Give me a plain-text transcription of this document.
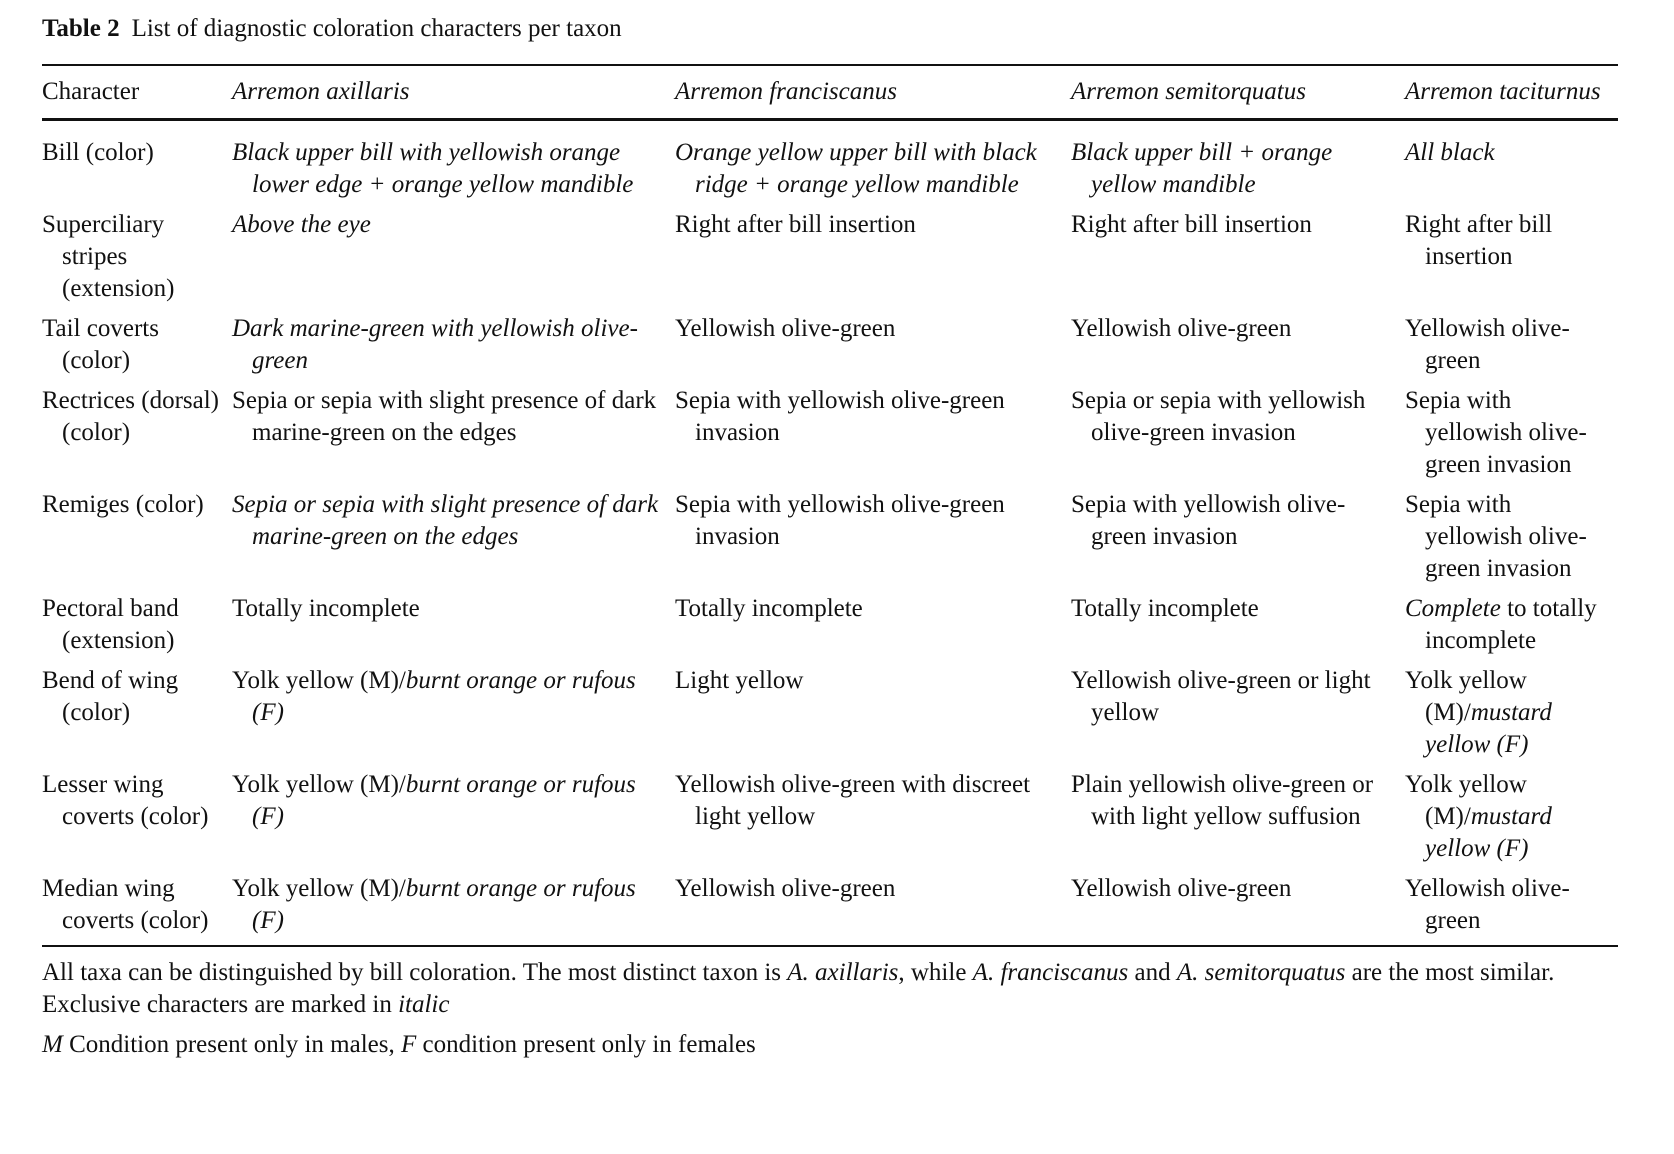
Table 2 List of diagnostic coloration characters per taxon

Character	Arremon axillaris	Arremon franciscanus	Arremon semitorquatus	Arremon taciturnus
Bill (color)	Black upper bill with yellowish orange lower edge + orange yellow mandible	Orange yellow upper bill with black ridge + orange yellow mandible	Black upper bill + orange yellow mandible	All black

Superciliary stripes (extension)	Above the eye	Right after bill insertion	Right after bill insertion	Right after bill insertion

Tail coverts (color)	Dark marine-green with yellowish olive-green	Yellowish olive-green	Yellowish olive-green	Yellowish olive-green

Rectrices (dorsal) (color)	Sepia or sepia with slight presence of dark marine-green on the edges	Sepia with yellowish olive-green invasion	Sepia or sepia with yellowish olive-green invasion	Sepia with yellowish olive-green invasion

Remiges (color)	Sepia or sepia with slight presence of dark marine-green on the edges	Sepia with yellowish olive-green invasion	Sepia with yellowish olive-green invasion	Sepia with yellowish olive-green invasion

Pectoral band (extension)	Totally incomplete	Totally incomplete	Totally incomplete	Complete to totally incomplete

Bend of wing (color)	Yolk yellow (M)/burnt orange or rufous (F)	Light yellow	Yellowish olive-green or light yellow	Yolk yellow (M)/mustard yellow (F)

Lesser wing coverts (color)	Yolk yellow (M)/burnt orange or rufous (F)	Yellowish olive-green with discreet light yellow	Plain yellowish olive-green or with light yellow suffusion	Yolk yellow (M)/mustard yellow (F)

Median wing coverts (color)	Yolk yellow (M)/burnt orange or rufous (F)	Yellowish olive-green	Yellowish olive-green	Yellowish olive-green

All taxa can be distinguished by bill coloration. The most distinct taxon is A. axillaris, while A. franciscanus and A. semitorquatus are the most similar. Exclusive characters are marked in italic

M Condition present only in males, F condition present only in females
